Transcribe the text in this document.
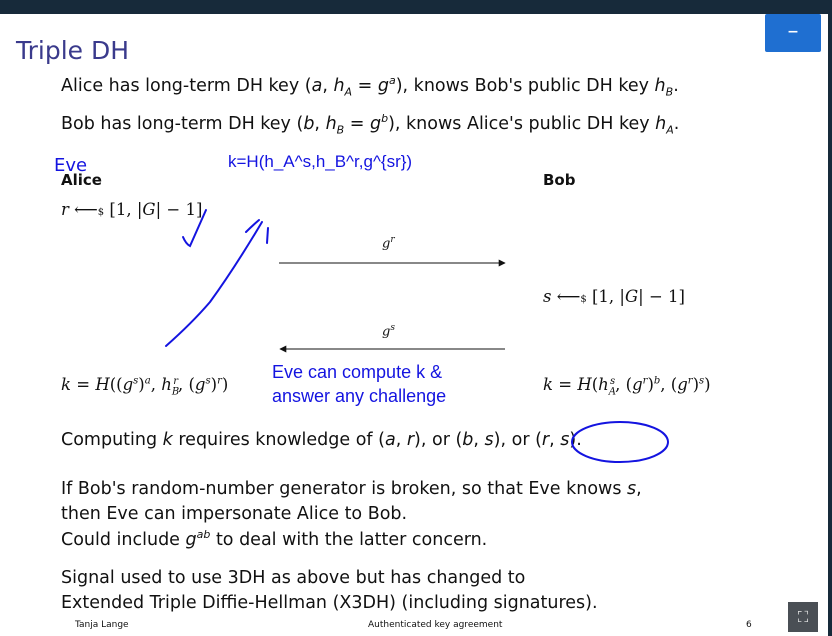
Triple DH
Alice has long-term DH key (a, $h_A = g^a$), knows Bob's public DH key $h_B$.
Bob has long-term DH key (b, $h_B = g^b$), knows Alice's public DH key $h_A$.
Alice	Bob
r ⟵$ [1, |G| − 1]
$g^r$
s ⟵$ [1, |G| − 1]
$g^s$
$k = H((g^s)^a$, $h_B^r$, $(g^s)^r$)	$k = H(h_A^s$, $(g^r)^b$, $(g^r)^s$)
Computing k requires knowledge of (a, r), or (b, s), or (r, s).
If Bob's random-number generator is broken, so that Eve knows s,
then Eve can impersonate Alice to Bob.
Could include $g^{ab}$ to deal with the latter concern.
Signal used to use 3DH as above but has changed to
Extended Triple Diffie-Hellman (X3DH) (including signatures).
Eve	k=H(h_A^s,h_B^r,g^{sr})
Eve can compute k &
answer any challenge
Tanja Lange	Authenticated key agreement	6
–
⛶
